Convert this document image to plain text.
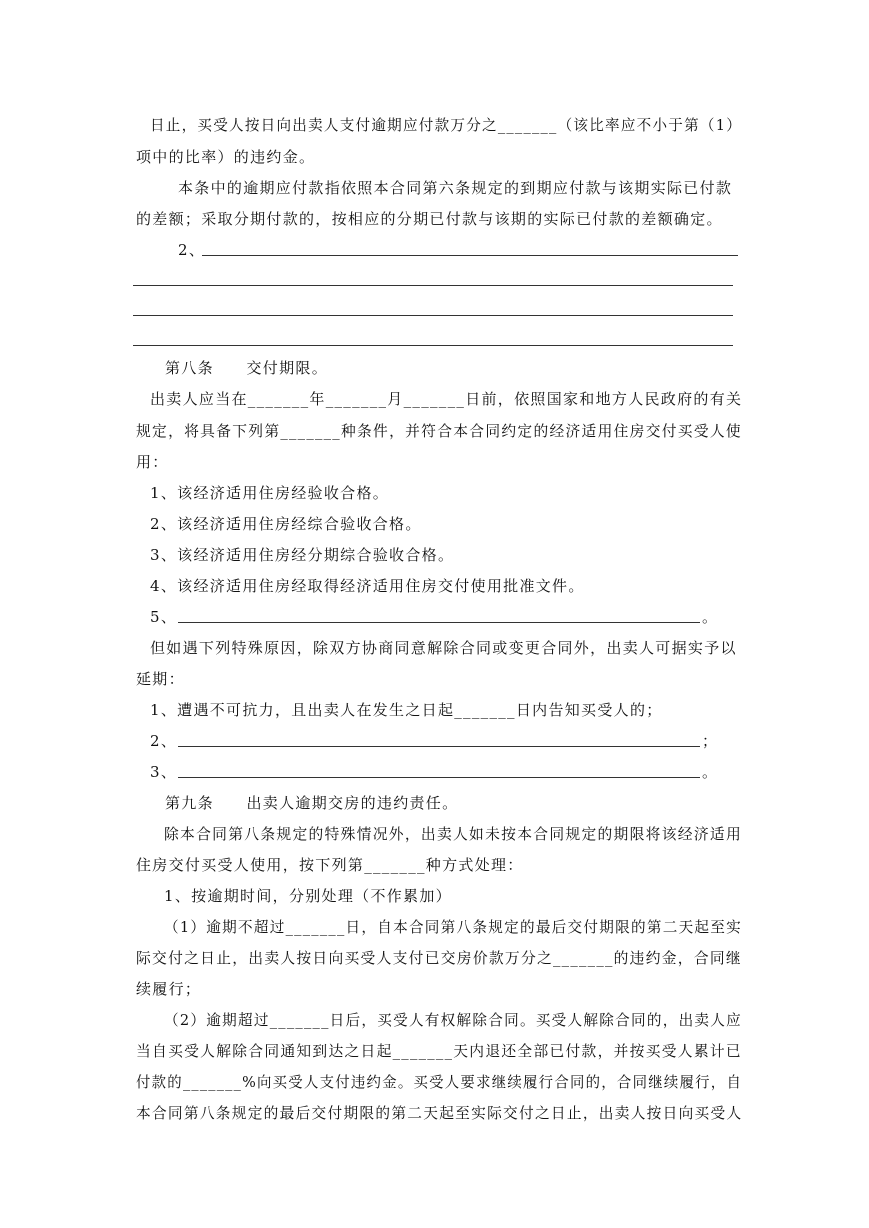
日止，买受人按日向出卖人支付逾期应付款万分之_______（该比率应不小于第（1）
项中的比率）的违约金。
本条中的逾期应付款指依照本合同第六条规定的到期应付款与该期实际已付款
的差额；采取分期付款的，按相应的分期已付款与该期的实际已付款的差额确定。
2、
第八条　　交付期限。
出卖人应当在_______年_______月_______日前，依照国家和地方人民政府的有关
规定，将具备下列第_______种条件，并符合本合同约定的经济适用住房交付买受人使
用：
1、该经济适用住房经验收合格。
2、该经济适用住房经综合验收合格。
3、该经济适用住房经分期综合验收合格。
4、该经济适用住房经取得经济适用住房交付使用批准文件。
5、	。
但如遇下列特殊原因，除双方协商同意解除合同或变更合同外，出卖人可据实予以
延期：
1、遭遇不可抗力，且出卖人在发生之日起_______日内告知买受人的；
2、	；
3、	。
第九条　　出卖人逾期交房的违约责任。
除本合同第八条规定的特殊情况外，出卖人如未按本合同规定的期限将该经济适用
住房交付买受人使用，按下列第_______种方式处理：
1、按逾期时间，分别处理（不作累加）
（1）逾期不超过_______日，自本合同第八条规定的最后交付期限的第二天起至实
际交付之日止，出卖人按日向买受人支付已交房价款万分之_______的违约金，合同继
续履行；
（2）逾期超过_______日后，买受人有权解除合同。买受人解除合同的，出卖人应
当自买受人解除合同通知到达之日起_______天内退还全部已付款，并按买受人累计已
付款的_______%向买受人支付违约金。买受人要求继续履行合同的，合同继续履行，自
本合同第八条规定的最后交付期限的第二天起至实际交付之日止，出卖人按日向买受人
